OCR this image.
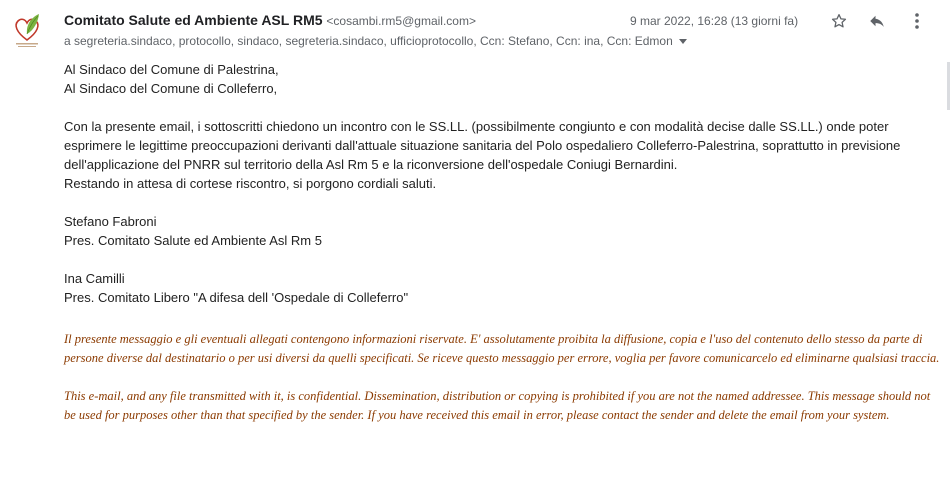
Comitato Salute ed Ambiente ASL RM5 <cosambi.rm5@gmail.com>	9 mar 2022, 16:28 (13 giorni fa)
a segreteria.sindaco, protocollo, sindaco, segreteria.sindaco, ufficioprotocollo, Ccn: Stefano, Ccn: ina, Ccn: Edmon

Al Sindaco del Comune di Palestrina,

Al Sindaco del Comune di Colleferro,

Con la presente email, i sottoscritti chiedono un incontro con le SS.LL. (possibilmente congiunto e con modalità decise dalle SS.LL.) onde poter esprimere le legittime preoccupazioni derivanti dall'attuale situazione sanitaria del Polo ospedaliero Colleferro-Palestrina, soprattutto in previsione dell'applicazione del PNRR sul territorio della Asl Rm 5 e la riconversione dell'ospedale Coniugi Bernardini.

Restando in attesa di cortese riscontro, si porgono cordiali saluti.

Stefano Fabroni

Pres. Comitato Salute ed Ambiente Asl Rm 5

Ina Camilli

Pres. Comitato Libero "A difesa dell 'Ospedale di Colleferro"

Il presente messaggio e gli eventuali allegati contengono informazioni riservate. E' assolutamente proibita la diffusione, copia e l'uso del contenuto dello stesso da parte di persone diverse dal destinatario o per usi diversi da quelli specificati. Se riceve questo messaggio per errore, voglia per favore comunicarcelo ed eliminarne qualsiasi traccia.

This e-mail, and any file transmitted with it, is confidential. Dissemination, distribution or copying is prohibited if you are not the named addressee. This message should not be used for purposes other than that specified by the sender. If you have received this email in error, please contact the sender and delete the email from your system.
